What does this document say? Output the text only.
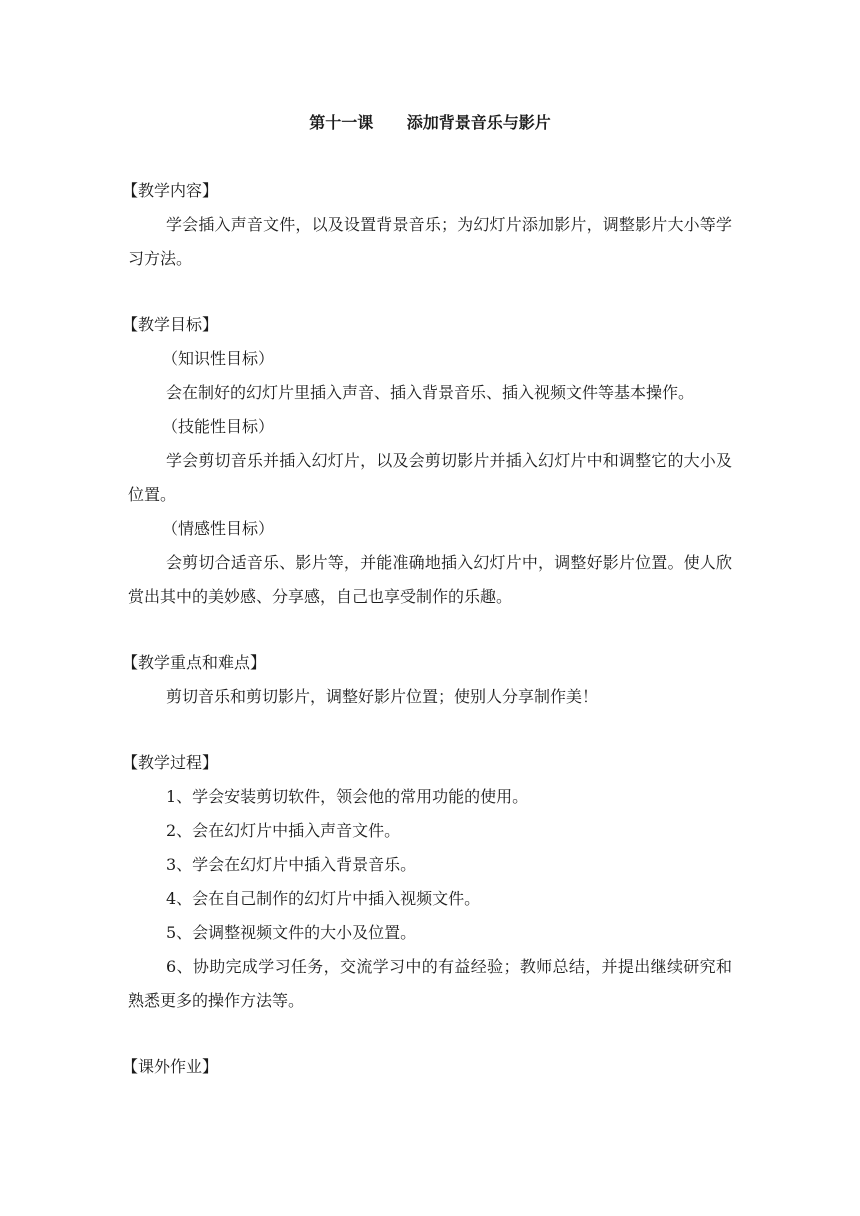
第十一课      添加背景音乐与影片
【教学内容】
学会插入声音文件，以及设置背景音乐；为幻灯片添加影片，调整影片大小等学习方法。
【教学目标】
（知识性目标）
会在制好的幻灯片里插入声音、插入背景音乐、插入视频文件等基本操作。
（技能性目标）
学会剪切音乐并插入幻灯片，以及会剪切影片并插入幻灯片中和调整它的大小及位置。
（情感性目标）
会剪切合适音乐、影片等，并能准确地插入幻灯片中，调整好影片位置。使人欣赏出其中的美妙感、分享感，自己也享受制作的乐趣。
【教学重点和难点】
剪切音乐和剪切影片，调整好影片位置；使别人分享制作美！
【教学过程】
1、学会安装剪切软件，领会他的常用功能的使用。
2、会在幻灯片中插入声音文件。
3、学会在幻灯片中插入背景音乐。
4、会在自己制作的幻灯片中插入视频文件。
5、会调整视频文件的大小及位置。
6、协助完成学习任务，交流学习中的有益经验；教师总结，并提出继续研究和熟悉更多的操作方法等。
【课外作业】
